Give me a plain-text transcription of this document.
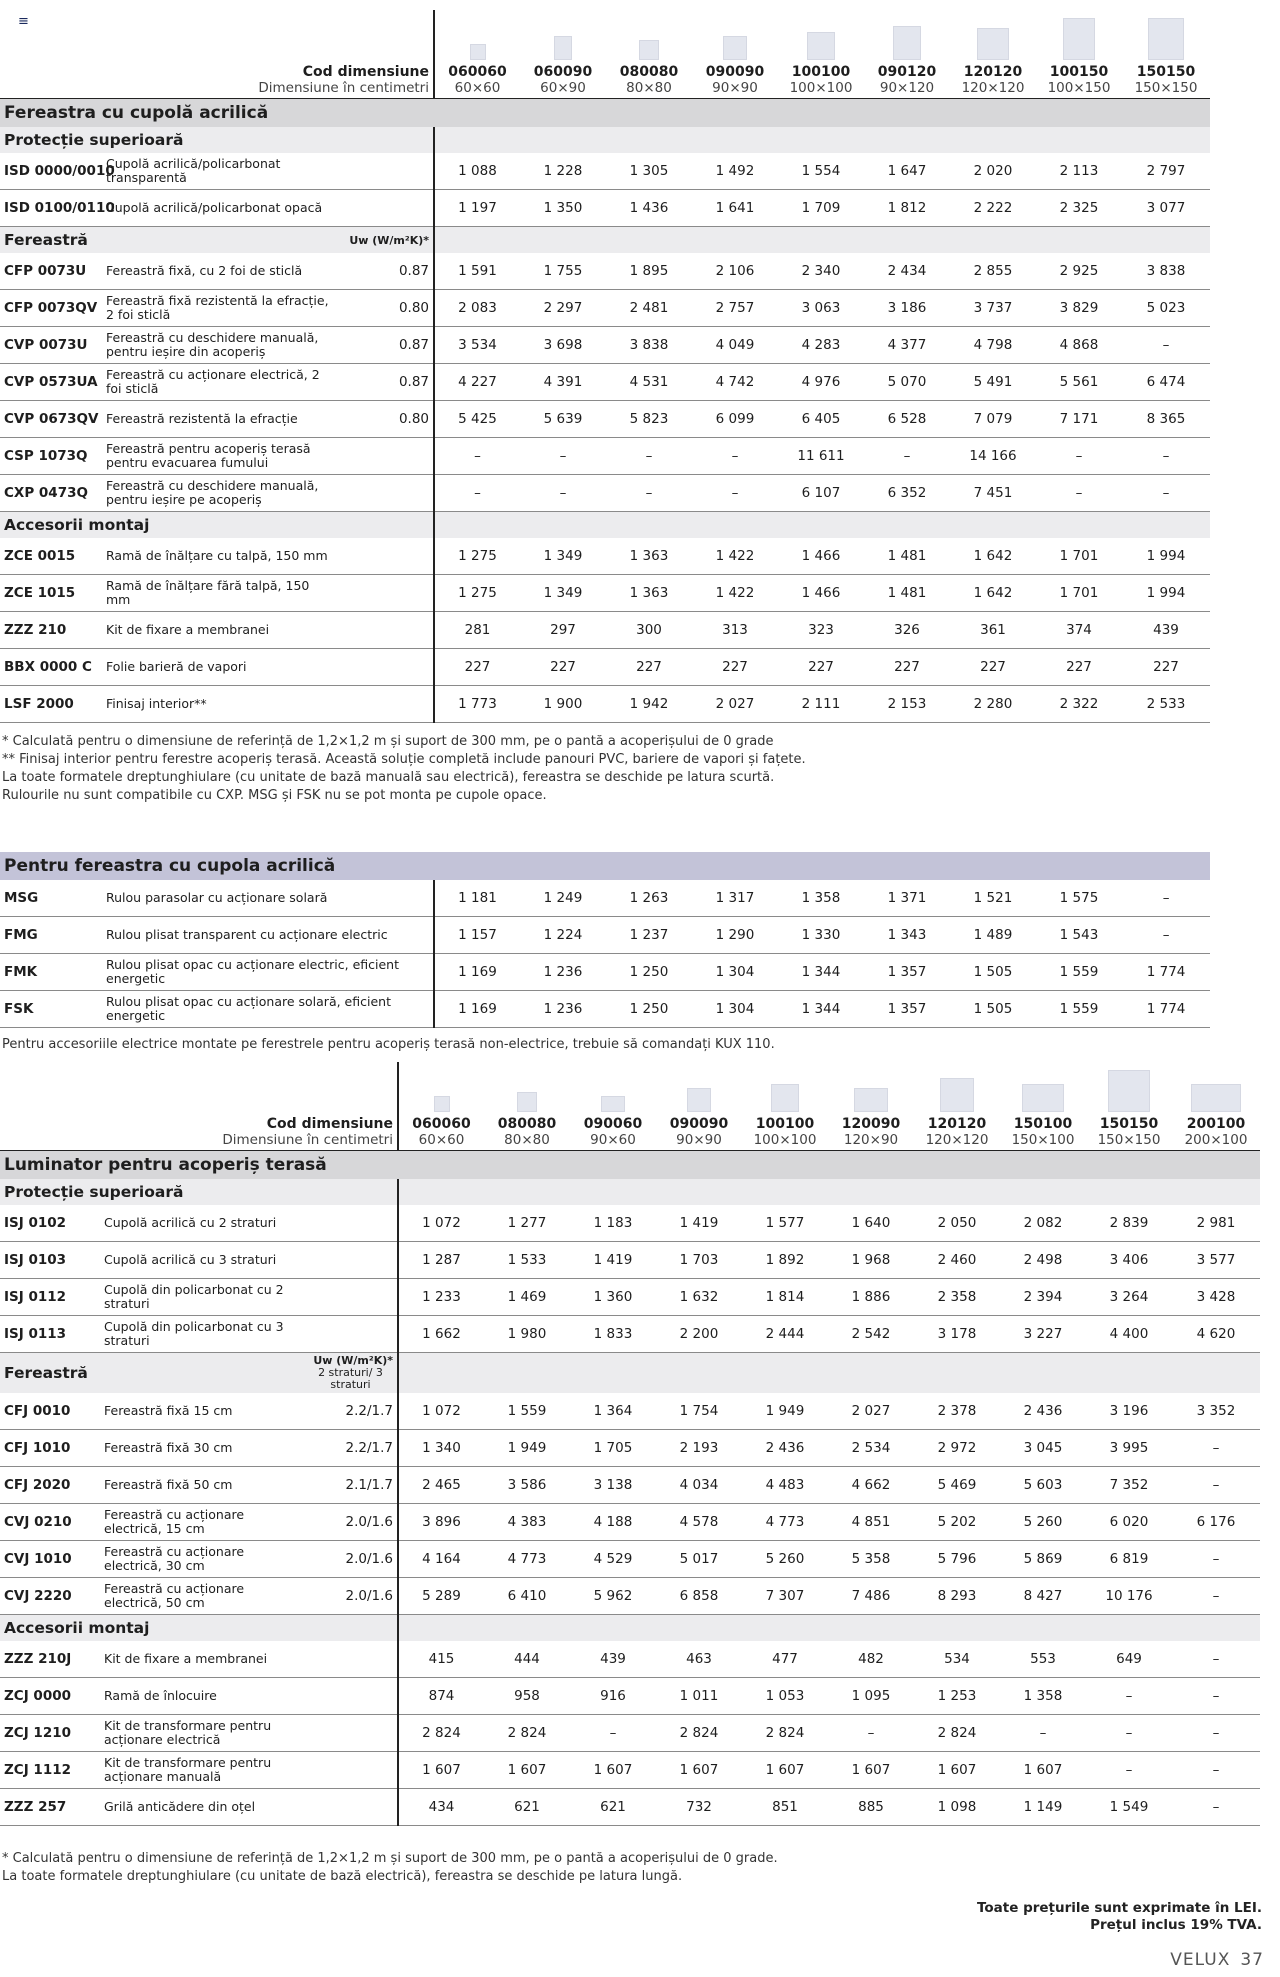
≡

Cod dimensiune			060060	060090	080080	090090	100100	090120	120120	100150	150150
Dimensiune în centimetri			60×60	60×90	80×80	90×90	100×100	90×120	120×120	100×150	150×150
Fereastra cu cupolă acrilică											
Protecție superioară											
ISD 0000/0010	Cupolă acrilică/policarbonat transparentă		1 088	1 228	1 305	1 492	1 554	1 647	2 020	2 113	2 797
ISD 0100/0110	Cupolă acrilică/policarbonat opacă		1 197	1 350	1 436	1 641	1 709	1 812	2 222	2 325	3 077
Fereastră		Uw (W/m²K)*									
CFP 0073U	Fereastră fixă, cu 2 foi de sticlă	0.87	1 591	1 755	1 895	2 106	2 340	2 434	2 855	2 925	3 838
CFP 0073QV	Fereastră fixă rezistentă la efracție, 2 foi sticlă	0.80	2 083	2 297	2 481	2 757	3 063	3 186	3 737	3 829	5 023
CVP 0073U	Fereastră cu deschidere manuală, pentru ieșire din acoperiș	0.87	3 534	3 698	3 838	4 049	4 283	4 377	4 798	4 868	–
CVP 0573UA	Fereastră cu acționare electrică, 2 foi sticlă	0.87	4 227	4 391	4 531	4 742	4 976	5 070	5 491	5 561	6 474
CVP 0673QV	Fereastră rezistentă la efracție	0.80	5 425	5 639	5 823	6 099	6 405	6 528	7 079	7 171	8 365
CSP 1073Q	Fereastră pentru acoperiș terasă pentru evacuarea fumului		–	–	–	–	11 611	–	14 166	–	–
CXP 0473Q	Fereastră cu deschidere manuală, pentru ieșire pe acoperiș		–	–	–	–	6 107	6 352	7 451	–	–
Accesorii montaj											
ZCE 0015	Ramă de înălțare cu talpă, 150 mm		1 275	1 349	1 363	1 422	1 466	1 481	1 642	1 701	1 994
ZCE 1015	Ramă de înălțare fără talpă, 150 mm		1 275	1 349	1 363	1 422	1 466	1 481	1 642	1 701	1 994
ZZZ 210	Kit de fixare a membranei		281	297	300	313	323	326	361	374	439
BBX 0000 C	Folie barieră de vapori		227	227	227	227	227	227	227	227	227
LSF 2000	Finisaj interior**		1 773	1 900	1 942	2 027	2 111	2 153	2 280	2 322	2 533
* Calculată pentru o dimensiune de referință de 1,2×1,2 m și suport de 300 mm, pe o pantă a acoperișului de 0 grade
** Finisaj interior pentru ferestre acoperiș terasă. Această soluție completă include panouri PVC, bariere de vapori și fațete.
La toate formatele dreptunghiulare (cu unitate de bază manuală sau electrică), fereastra se deschide pe latura scurtă.
Rulourile nu sunt compatibile cu CXP. MSG și FSK nu se pot monta pe cupole opace.
Pentru fereastra cu cupola acrilică										
MSG	Rulou parasolar cu acționare solară	1 181	1 249	1 263	1 317	1 358	1 371	1 521	1 575	–
FMG	Rulou plisat transparent cu acționare electric	1 157	1 224	1 237	1 290	1 330	1 343	1 489	1 543	–
FMK	Rulou plisat opac cu acționare electric, eficient energetic	1 169	1 236	1 250	1 304	1 344	1 357	1 505	1 559	1 774
FSK	Rulou plisat opac cu acționare solară, eficient energetic	1 169	1 236	1 250	1 304	1 344	1 357	1 505	1 559	1 774
Pentru accesoriile electrice montate pe ferestrele pentru acoperiș terasă non-electrice, trebuie să comandați KUX 110.

Cod dimensiune			060060	080080	090060	090090	100100	120090	120120	150100	150150	200100
Dimensiune în centimetri			60×60	80×80	90×60	90×90	100×100	120×90	120×120	150×100	150×150	200×100
Luminator pentru acoperiș terasă												
Protecție superioară												
ISJ 0102	Cupolă acrilică cu 2 straturi		1 072	1 277	1 183	1 419	1 577	1 640	2 050	2 082	2 839	2 981
ISJ 0103	Cupolă acrilică cu 3 straturi		1 287	1 533	1 419	1 703	1 892	1 968	2 460	2 498	3 406	3 577
ISJ 0112	Cupolă din policarbonat cu 2 straturi		1 233	1 469	1 360	1 632	1 814	1 886	2 358	2 394	3 264	3 428
ISJ 0113	Cupolă din policarbonat cu 3 straturi		1 662	1 980	1 833	2 200	2 444	2 542	3 178	3 227	4 400	4 620
Fereastră		Uw (W/m²K)*
2 straturi/ 3 straturi										

CFJ 0010	Fereastră fixă 15 cm	2.2/1.7	1 072	1 559	1 364	1 754	1 949	2 027	2 378	2 436	3 196	3 352
CFJ 1010	Fereastră fixă 30 cm	2.2/1.7	1 340	1 949	1 705	2 193	2 436	2 534	2 972	3 045	3 995	–
CFJ 2020	Fereastră fixă 50 cm	2.1/1.7	2 465	3 586	3 138	4 034	4 483	4 662	5 469	5 603	7 352	–
CVJ 0210	Fereastră cu acționare electrică, 15 cm	2.0/1.6	3 896	4 383	4 188	4 578	4 773	4 851	5 202	5 260	6 020	6 176
CVJ 1010	Fereastră cu acționare electrică, 30 cm	2.0/1.6	4 164	4 773	4 529	5 017	5 260	5 358	5 796	5 869	6 819	–
CVJ 2220	Fereastră cu acționare electrică, 50 cm	2.0/1.6	5 289	6 410	5 962	6 858	7 307	7 486	8 293	8 427	10 176	–
Accesorii montaj												
ZZZ 210J	Kit de fixare a membranei		415	444	439	463	477	482	534	553	649	–
ZCJ 0000	Ramă de înlocuire		874	958	916	1 011	1 053	1 095	1 253	1 358	–	–
ZCJ 1210	Kit de transformare pentru acționare electrică		2 824	2 824	–	2 824	2 824	–	2 824	–	–	–
ZCJ 1112	Kit de transformare pentru acționare manuală		1 607	1 607	1 607	1 607	1 607	1 607	1 607	1 607	–	–
ZZZ 257	Grilă anticădere din oțel		434	621	621	732	851	885	1 098	1 149	1 549	–
* Calculată pentru o dimensiune de referință de 1,2×1,2 m și suport de 300 mm, pe o pantă a acoperișului de 0 grade.
La toate formatele dreptunghiulare (cu unitate de bază electrică), fereastra se deschide pe latura lungă.
Toate prețurile sunt exprimate în LEI.
Prețul inclus 19% TVA.
VELUX 37
